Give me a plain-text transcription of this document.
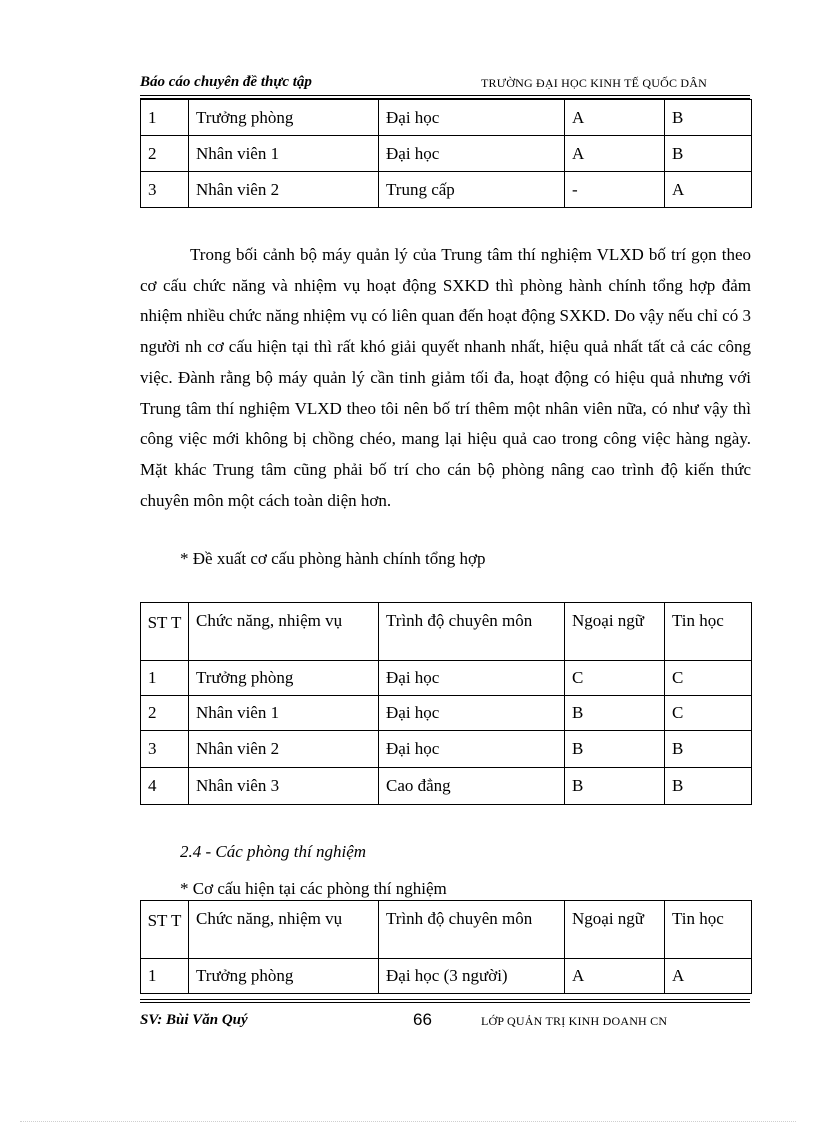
Báo cáo chuyên đề thực tập	TRƯỜNG ĐẠI HỌC KINH TẾ QUỐC DÂN
1	Trưởng phòng	Đại học	A	B
2	Nhân viên 1	Đại học	A	B
3	Nhân viên 2	Trung cấp	-	A

Trong bối cảnh bộ máy quản lý của Trung tâm thí nghiệm VLXD bố trí gọn theo cơ cấu chức năng và nhiệm vụ hoạt động SXKD thì phòng hành chính tổng hợp đảm nhiệm nhiều chức năng nhiệm vụ có liên quan đến hoạt động SXKD. Do vậy nếu chỉ có 3 người nh cơ cấu hiện tại thì rất khó giải quyết nhanh nhất, hiệu quả nhất tất cả các công việc. Đành rằng bộ máy quản lý cần tinh giảm tối đa, hoạt động có hiệu quả nhưng với Trung tâm thí nghiệm VLXD theo tôi nên bố trí thêm một nhân viên nữa, có như vậy thì công việc mới không bị chồng chéo, mang lại hiệu quả cao trong công việc hàng ngày. Mặt khác Trung tâm cũng phải bố trí cho cán bộ phòng nâng cao trình độ kiến thức chuyên môn một cách toàn diện hơn.

* Đề xuất cơ cấu phòng hành chính tổng hợp

ST T	Chức năng, nhiệm vụ	Trình độ chuyên môn	Ngoại ngữ	Tin học
1	Trưởng phòng	Đại học	C	C
2	Nhân viên 1	Đại học	B	C
3	Nhân viên 2	Đại học	B	B
4	Nhân viên 3	Cao đẳng	B	B

2.4 - Các phòng thí nghiệm

* Cơ cấu hiện tại các phòng thí nghiệm

ST T	Chức năng, nhiệm vụ	Trình độ chuyên môn	Ngoại ngữ	Tin học
1	Trưởng phòng	Đại học (3 người)	A	A
SV: Bùi Văn Quý	66	LỚP QUẢN TRỊ KINH DOANH CN
